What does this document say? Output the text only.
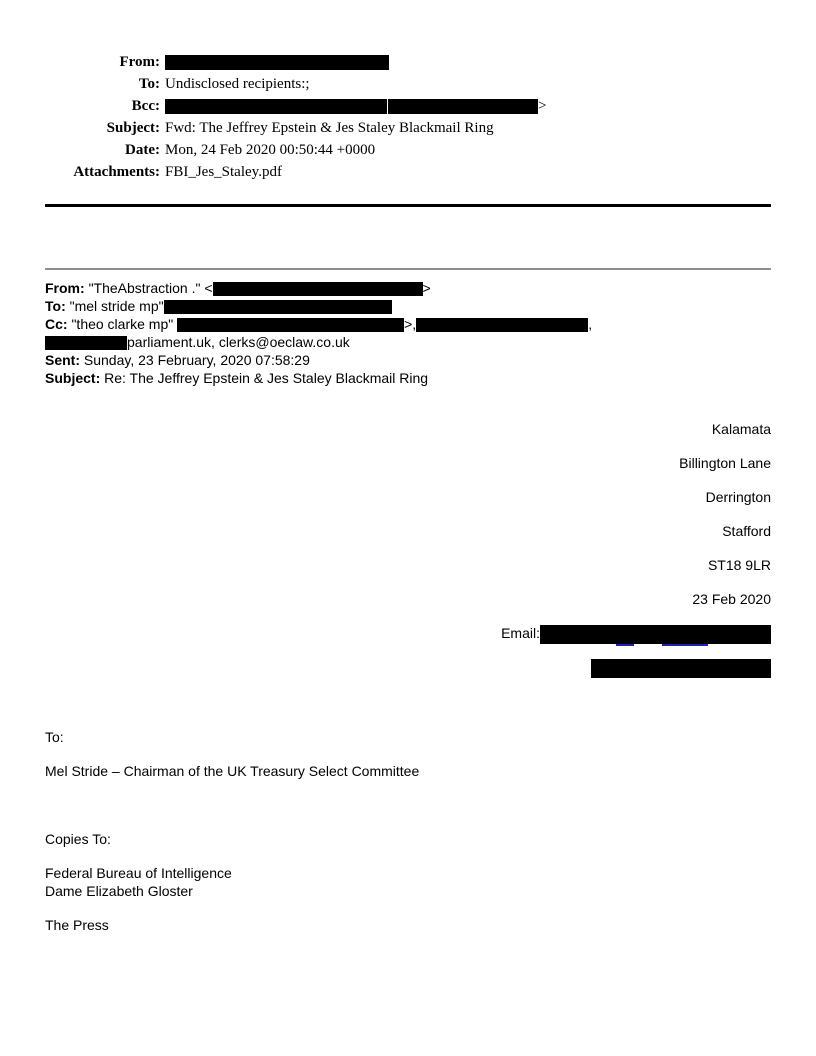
From:
To: Undisclosed recipients:;
Bcc:	>
Subject: Fwd: The Jeffrey Epstein & Jes Staley Blackmail Ring
Date: Mon, 24 Feb 2020 00:50:44 +0000
Attachments: FBI_Jes_Staley.pdf
From: "TheAbstraction ." <	>
To: "mel stride mp"
Cc: "theo clarke mp"	>,	,
parliament.uk, clerks@oeclaw.co.uk
Sent: Sunday, 23 February, 2020 07:58:29
Subject: Re: The Jeffrey Epstein & Jes Staley Blackmail Ring
Kalamata
Billington Lane
Derrington
Stafford
ST18 9LR
23 Feb 2020
Email:
To:
Mel Stride – Chairman of the UK Treasury Select Committee
Copies To:
Federal Bureau of Intelligence
Dame Elizabeth Gloster
The Press
